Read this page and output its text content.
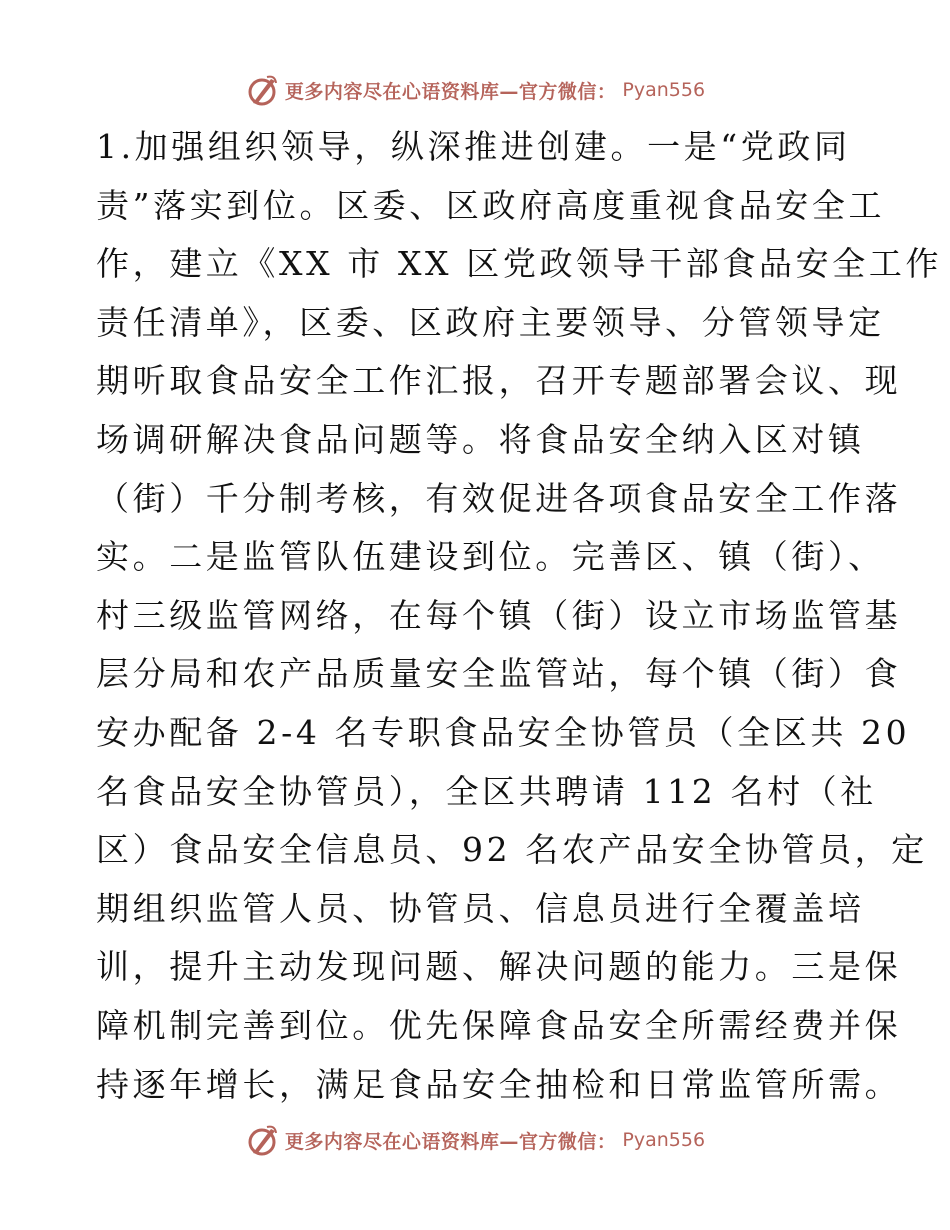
更多内容尽在心语资料库—官方微信： Pyan556
1.加强组织领导，纵深推进创建。一是“党政同
责”落实到位。区委、区政府高度重视食品安全工
作，建立《XX 市 XX 区党政领导干部食品安全工作
责任清单》，区委、区政府主要领导、分管领导定
期听取食品安全工作汇报，召开专题部署会议、现
场调研解决食品问题等。将食品安全纳入区对镇
（街）千分制考核，有效促进各项食品安全工作落
实。二是监管队伍建设到位。完善区、镇（街）、
村三级监管网络，在每个镇（街）设立市场监管基
层分局和农产品质量安全监管站，每个镇（街）食
安办配备 2-4 名专职食品安全协管员（全区共 20
名食品安全协管员），全区共聘请 112 名村（社
区）食品安全信息员、92 名农产品安全协管员，定
期组织监管人员、协管员、信息员进行全覆盖培
训，提升主动发现问题、解决问题的能力。三是保
障机制完善到位。优先保障食品安全所需经费并保
持逐年增长，满足食品安全抽检和日常监管所需。
更多内容尽在心语资料库—官方微信： Pyan556
